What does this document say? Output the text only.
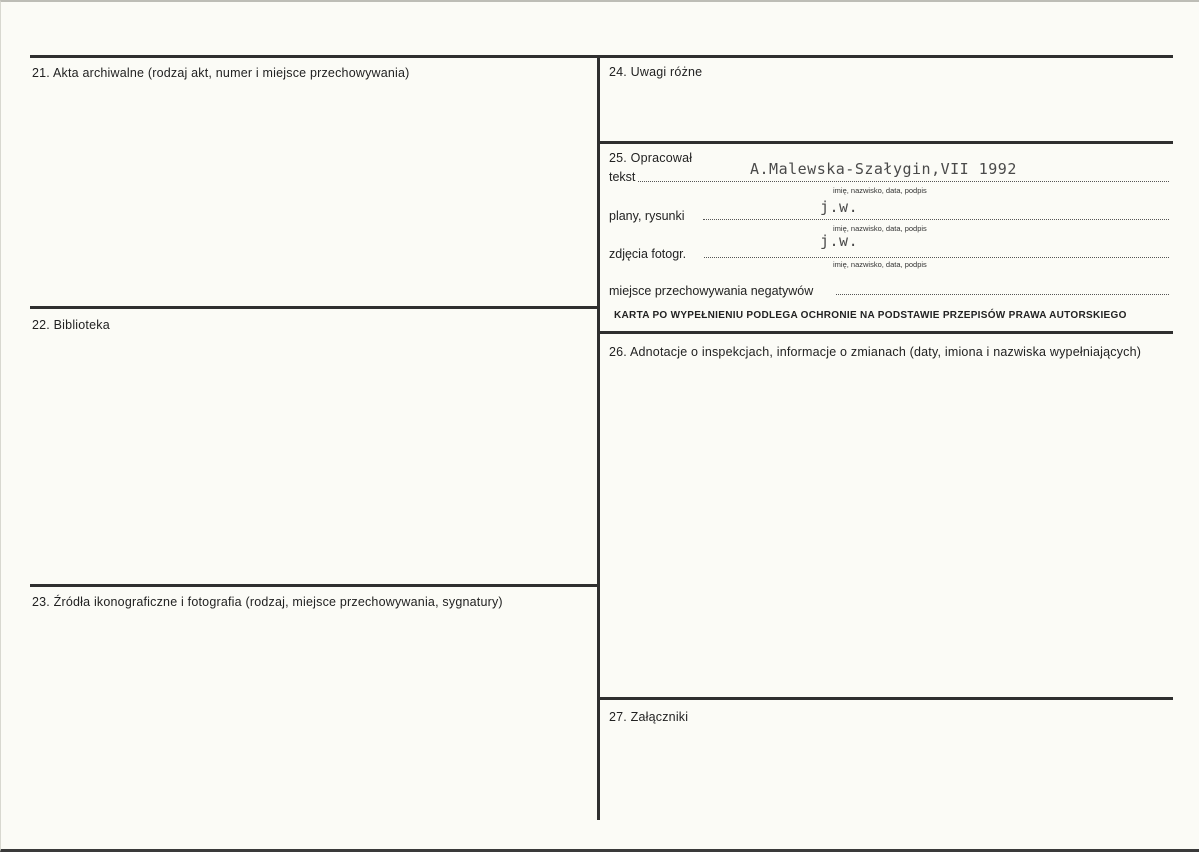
21. Akta archiwalne (rodzaj akt, numer i miejsce przechowywania)
22. Biblioteka
23. Źródła ikonograficzne i fotografia (rodzaj, miejsce przechowywania, sygnatury)
24. Uwagi różne
25. Opracował
tekst	A.Malewska-Szałygin,VII 1992
imię, nazwisko, data, podpis
plany, rysunki	j.w.
imię, nazwisko, data, podpis
zdjęcia fotogr.
j.w.
imię, nazwisko, data, podpis
miejsce przechowywania negatywów
KARTA PO WYPEŁNIENIU PODLEGA OCHRONIE NA PODSTAWIE PRZEPISÓW PRAWA AUTORSKIEGO
26. Adnotacje o inspekcjach, informacje o zmianach (daty, imiona i nazwiska wypełniających)
27. Załączniki
